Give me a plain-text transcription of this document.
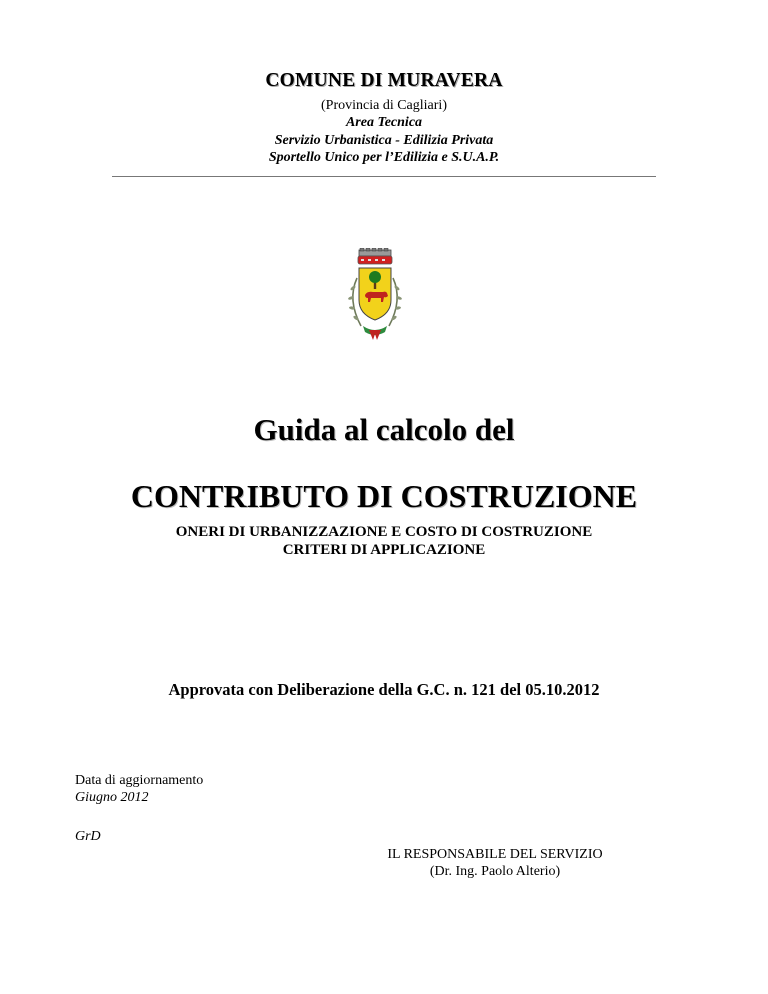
COMUNE DI MURAVERA
(Provincia di Cagliari)
Area Tecnica
Servizio Urbanistica - Edilizia Privata
Sportello Unico per l’Edilizia e S.U.A.P.
Guida al calcolo del
CONTRIBUTO DI COSTRUZIONE
ONERI DI URBANIZZAZIONE E COSTO DI COSTRUZIONE
CRITERI DI APPLICAZIONE
Approvata con Deliberazione della G.C. n. 121 del 05.10.2012
Data di aggiornamento
Giugno 2012
GrD
IL RESPONSABILE DEL SERVIZIO
(Dr. Ing. Paolo Alterio)
